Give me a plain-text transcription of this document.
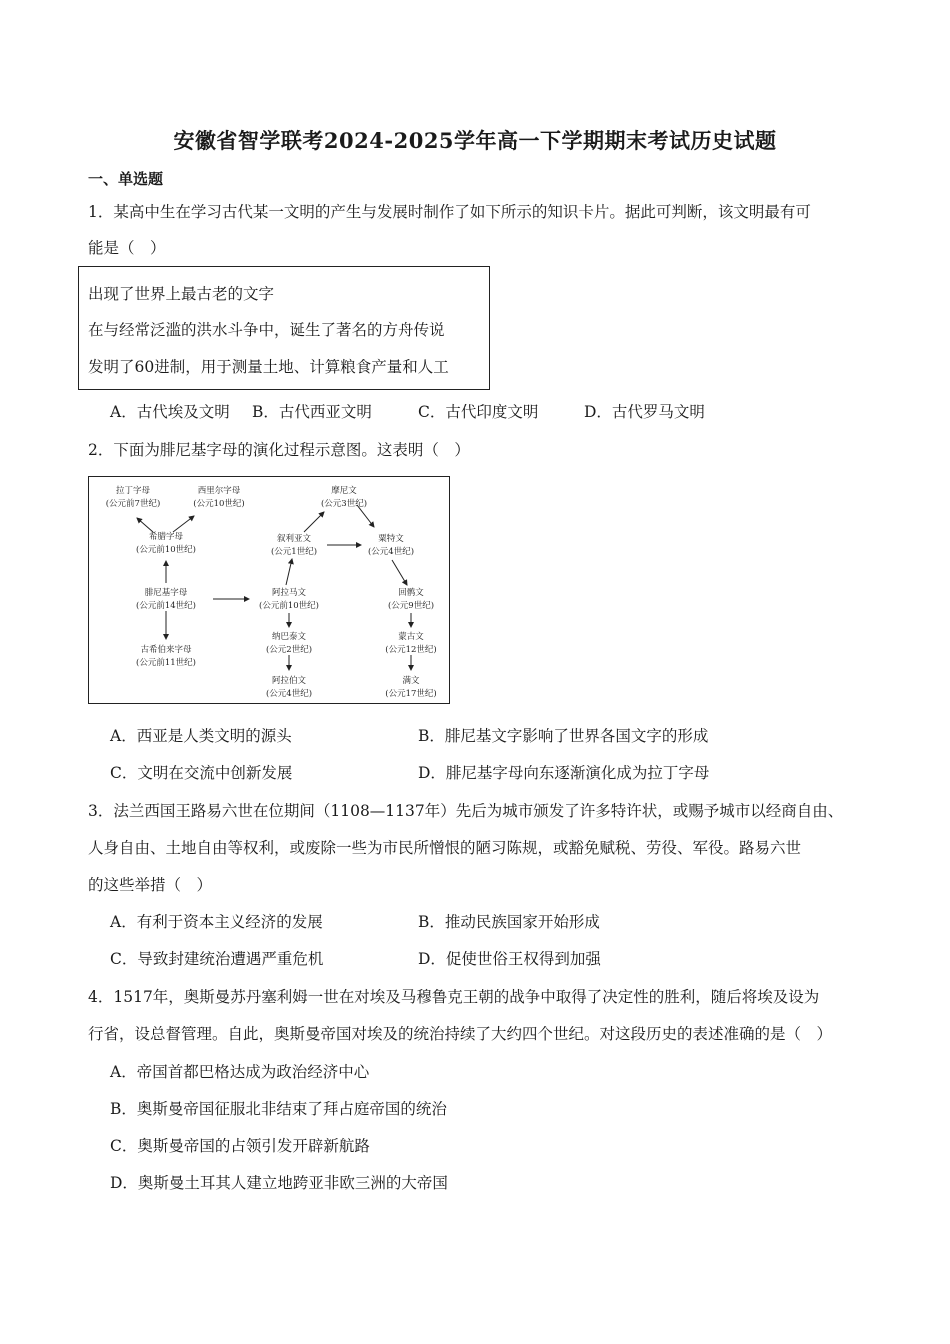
安徽省智学联考2024-2025学年高一下学期期末考试历史试题
一、单选题
1．某高中生在学习古代某一文明的产生与发展时制作了如下所示的知识卡片。据此可判断，该文明最有可
能是（　）
出现了世界上最古老的文字
在与经常泛滥的洪水斗争中，诞生了著名的方舟传说
发明了60进制，用于测量土地、计算粮食产量和人工
A．古代埃及文明 B．古代西亚文明	C．古代印度文明	D．古代罗马文明
2．下面为腓尼基字母的演化过程示意图。这表明（　）
拉丁字母
(公元前7世纪)
西里尔字母
(公元10世纪)
希腊字母
(公元前10世纪)
腓尼基字母
(公元前14世纪)
古希伯来字母
(公元前11世纪)
摩尼文
(公元3世纪)
叙利亚文
(公元1世纪)
粟特文
(公元4世纪)
阿拉马文
(公元前10世纪)
回鹘文
(公元9世纪)
纳巴泰文
(公元2世纪)
蒙古文
(公元12世纪)
阿拉伯文
(公元4世纪)
满文
(公元17世纪)
A．西亚是人类文明的源头	B．腓尼基文字影响了世界各国文字的形成
C．文明在交流中创新发展	D．腓尼基字母向东逐渐演化成为拉丁字母
3．法兰西国王路易六世在位期间（1108—1137年）先后为城市颁发了许多特许状，或赐予城市以经商自由、
人身自由、土地自由等权利，或废除一些为市民所憎恨的陋习陈规，或豁免赋税、劳役、军役。路易六世
的这些举措（　）
A．有利于资本主义经济的发展	B．推动民族国家开始形成
C．导致封建统治遭遇严重危机	D．促使世俗王权得到加强
4．1517年，奥斯曼苏丹塞利姆一世在对埃及马穆鲁克王朝的战争中取得了决定性的胜利，随后将埃及设为
行省，设总督管理。自此，奥斯曼帝国对埃及的统治持续了大约四个世纪。对这段历史的表述准确的是（　）
A．帝国首都巴格达成为政治经济中心
B．奥斯曼帝国征服北非结束了拜占庭帝国的统治
C．奥斯曼帝国的占领引发开辟新航路
D．奥斯曼土耳其人建立地跨亚非欧三洲的大帝国
